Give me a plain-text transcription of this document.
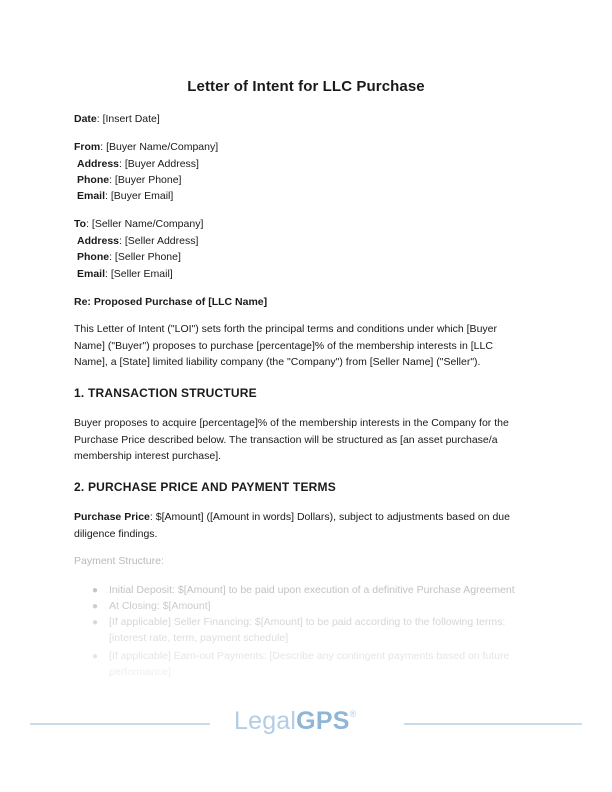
Letter of Intent for LLC Purchase
Date: [Insert Date]
From: [Buyer Name/Company]
Address: [Buyer Address]
Phone: [Buyer Phone]
Email: [Buyer Email]
To: [Seller Name/Company]
Address: [Seller Address]
Phone: [Seller Phone]
Email: [Seller Email]
Re: Proposed Purchase of [LLC Name]
This Letter of Intent ("LOI") sets forth the principal terms and conditions under which [Buyer
Name] ("Buyer") proposes to purchase [percentage]% of the membership interests in [LLC
Name], a [State] limited liability company (the "Company") from [Seller Name] ("Seller").
1. TRANSACTION STRUCTURE
Buyer proposes to acquire [percentage]% of the membership interests in the Company for the
Purchase Price described below. The transaction will be structured as [an asset purchase/a
membership interest purchase].
2. PURCHASE PRICE AND PAYMENT TERMS
Purchase Price: $[Amount] ([Amount in words] Dollars), subject to adjustments based on due
diligence findings.
Payment Structure:
● Initial Deposit: $[Amount] to be paid upon execution of a definitive Purchase Agreement
● At Closing: $[Amount]
● [If applicable] Seller Financing: $[Amount] to be paid according to the following terms:
[interest rate, term, payment schedule]
● [If applicable] Earn-out Payments: [Describe any contingent payments based on future
performance]
LegalGPS®
